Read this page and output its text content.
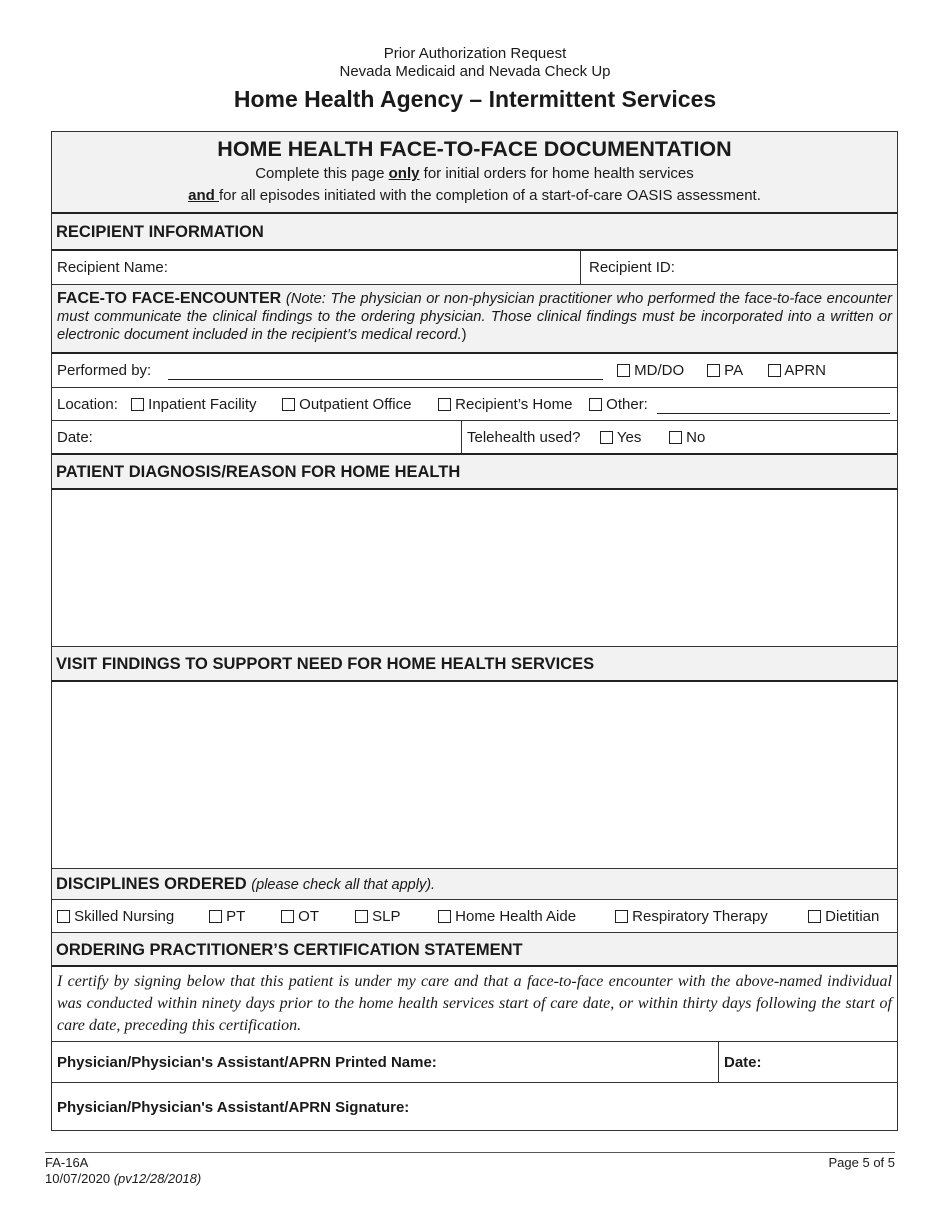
Prior Authorization Request
Nevada Medicaid and Nevada Check Up
Home Health Agency – Intermittent Services
HOME HEALTH FACE-TO-FACE DOCUMENTATION
Complete this page only for initial orders for home health services
and for all episodes initiated with the completion of a start-of-care OASIS assessment.
RECIPIENT INFORMATION
Recipient Name:	Recipient ID:
FACE-TO FACE-ENCOUNTER (Note: The physician or non-physician practitioner who performed the face-to-face encounter must communicate the clinical findings to the ordering physician. Those clinical findings must be incorporated into a written or electronic document included in the recipient’s medical record.)
Performed by:	MD/DO	PA	APRN
Location:	Inpatient Facility	Outpatient Office	Recipient’s Home	Other:
Date:	Telehealth used?	Yes	No
PATIENT DIAGNOSIS/REASON FOR HOME HEALTH
VISIT FINDINGS TO SUPPORT NEED FOR HOME HEALTH SERVICES
DISCIPLINES ORDERED (please check all that apply).
Skilled Nursing	PT	OT	SLP	Home Health Aide	Respiratory Therapy	Dietitian
ORDERING PRACTITIONER’S CERTIFICATION STATEMENT
I certify by signing below that this patient is under my care and that a face-to-face encounter with the above-named individual was conducted within ninety days prior to the home health services start of care date, or within thirty days following the start of care date, preceding this certification.
Physician/Physician's Assistant/APRN Printed Name:	Date:
Physician/Physician's Assistant/APRN Signature:
FA-16A
10/07/2020 (pv12/28/2018)
Page 5 of 5
